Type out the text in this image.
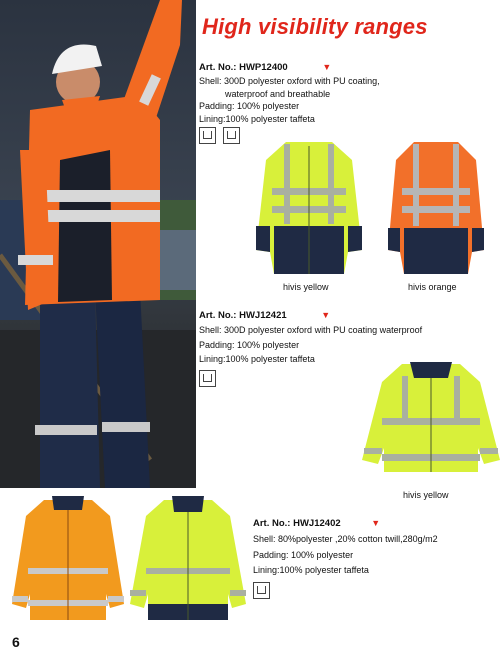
High visibility ranges
Art. No.: HWP12400	▼
Shell: 300D polyester oxford with PU coating,
waterproof and breathable
Padding: 100% polyester
Lining:100% polyester taffeta

hivis yellow	hivis orange
Art. No.: HWJ12421	▼
Shell: 300D polyester oxford with PU coating waterproof
Padding: 100% polyester
Lining:100% polyester taffeta
hivis yellow
Art. No.: HWJ12402	▼
Shell: 80%polyester ,20% cotton twill,280g/m2
Padding: 100% polyester
Lining:100% polyester taffeta
6
